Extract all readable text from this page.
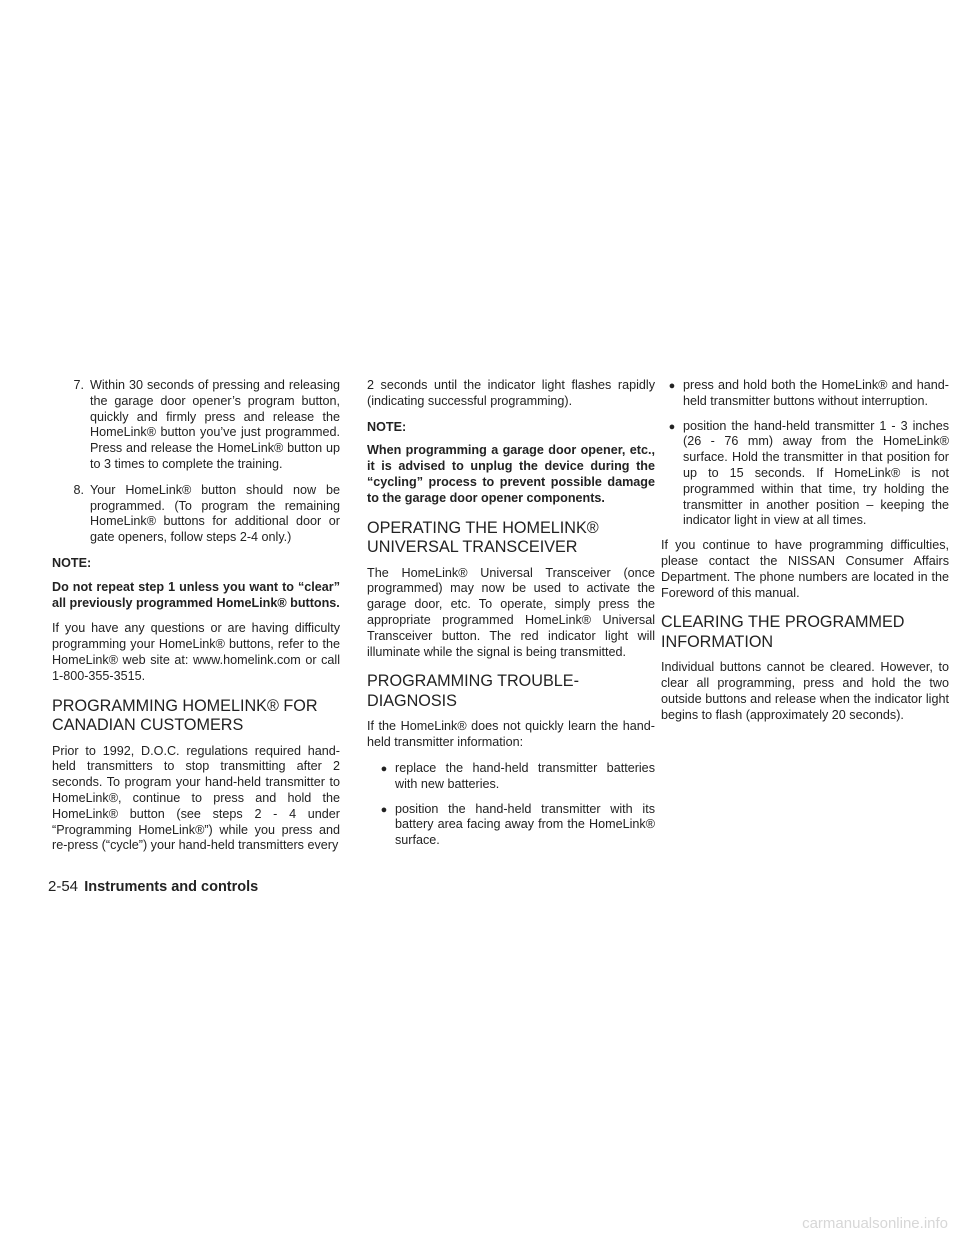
7. Within 30 seconds of pressing and releasing the garage door opener’s program button, quickly and firmly press and release the HomeLink® button you’ve just programmed. Press and release the HomeLink® button up to 3 times to complete the training.
8. Your HomeLink® button should now be programmed. (To program the remaining HomeLink® buttons for additional door or gate openers, follow steps 2-4 only.)
NOTE:
Do not repeat step 1 unless you want to “clear” all previously programmed HomeLink® buttons.

If you have any questions or are having difficulty programming your HomeLink® buttons, refer to the HomeLink® web site at: www.homelink.com or call 1-800-355-3515.

PROGRAMMING HOMELINK® FOR CANADIAN CUSTOMERS

Prior to 1992, D.O.C. regulations required hand-held transmitters to stop transmitting after 2 seconds. To program your hand-held transmitter to HomeLink®, continue to press and hold the HomeLink® button (see steps 2 - 4 under “Programming HomeLink®”) while you press and re-press (“cycle”) your hand-held transmitters every

2 seconds until the indicator light flashes rapidly (indicating successful programming).

NOTE:
When programming a garage door opener, etc., it is advised to unplug the device during the “cycling” process to prevent possible damage to the garage door opener components.
OPERATING THE HOMELINK® UNIVERSAL TRANSCEIVER

The HomeLink® Universal Transceiver (once programmed) may now be used to activate the garage door, etc. To operate, simply press the appropriate programmed HomeLink® Universal Transceiver button. The red indicator light will illuminate while the signal is being transmitted.

PROGRAMMING TROUBLE-DIAGNOSIS

If the HomeLink® does not quickly learn the hand-held transmitter information:

● replace the hand-held transmitter batteries with new batteries.
● position the hand-held transmitter with its battery area facing away from the HomeLink® surface.
● press and hold both the HomeLink® and hand-held transmitter buttons without interruption.
● position the hand-held transmitter 1 - 3 inches (26 - 76 mm) away from the HomeLink® surface. Hold the transmitter in that position for up to 15 seconds. If HomeLink® is not programmed within that time, try holding the transmitter in another position – keeping the indicator light in view at all times.

If you continue to have programming difficulties, please contact the NISSAN Consumer Affairs Department. The phone numbers are located in the Foreword of this manual.

CLEARING THE PROGRAMMED INFORMATION

Individual buttons cannot be cleared. However, to clear all programming, press and hold the two outside buttons and release when the indicator light begins to flash (approximately 20 seconds).

2-54 Instruments and controls
carmanualsonline.info
